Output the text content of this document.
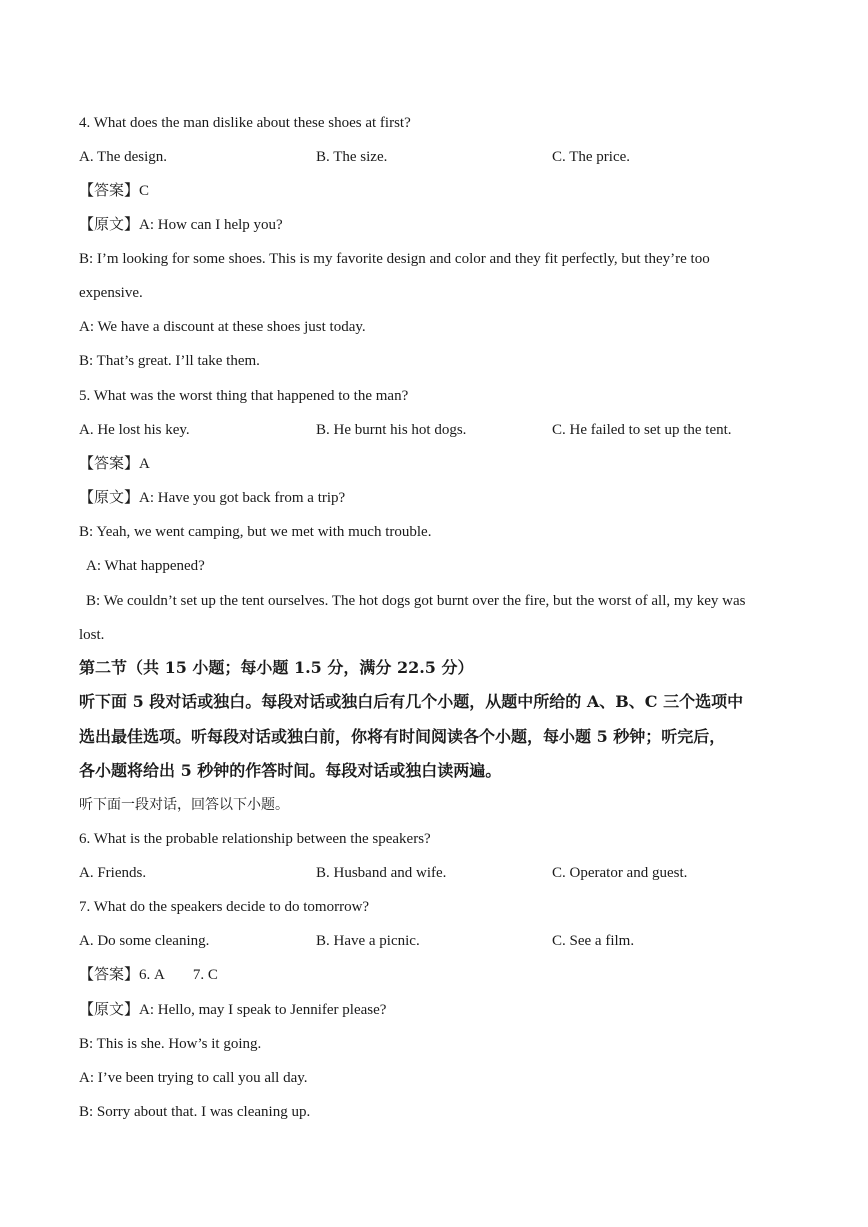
4. What does the man dislike about these shoes at first?
A. The design.	B. The size.	C. The price.
【答案】C
【原文】A: How can I help you?
B: I’m looking for some shoes. This is my favorite design and color and they fit perfectly, but they’re too
expensive.
A: We have a discount at these shoes just today.
B: That’s great. I’ll take them.
5. What was the worst thing that happened to the man?
A. He lost his key.	B. He burnt his hot dogs.	C. He failed to set up the tent.
【答案】A
【原文】A: Have you got back from a trip?
B: Yeah, we went camping, but we met with much trouble.
A: What happened?
B: We couldn’t set up the tent ourselves. The hot dogs got burnt over the fire, but the worst of all, my key was
lost.
第二节（共 15 小题；每小题 1.5 分，满分 22.5 分）
听下面 5 段对话或独白。每段对话或独白后有几个小题，从题中所给的 A、B、C 三个选项中
选出最佳选项。听每段对话或独白前，你将有时间阅读各个小题，每小题 5 秒钟；听完后，
各小题将给出 5 秒钟的作答时间。每段对话或独白读两遍。
听下面一段对话，回答以下小题。
6. What is the probable relationship between the speakers?
A. Friends.	B. Husband and wife.	C. Operator and guest.
7. What do the speakers decide to do tomorrow?
A. Do some cleaning.	B. Have a picnic.	C. See a film.
【答案】6. A 7. C
【原文】A: Hello, may I speak to Jennifer please?
B: This is she. How’s it going.
A: I’ve been trying to call you all day.
B: Sorry about that. I was cleaning up.
